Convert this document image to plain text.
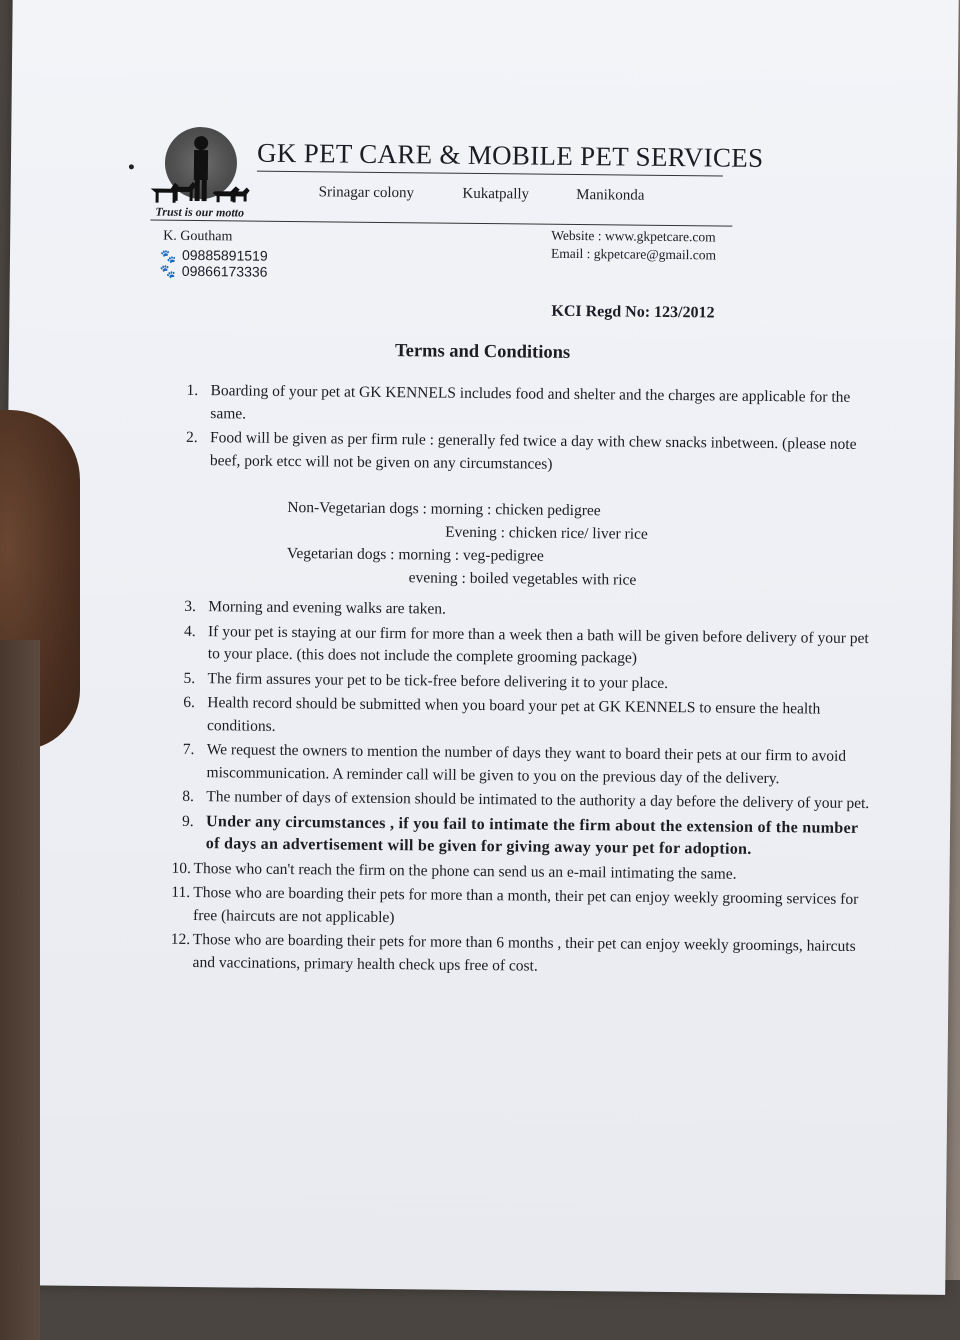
Trust is our motto
GK PET CARE & MOBILE PET SERVICES
Srinagar colony	Kukatpally	Manikonda
K. Goutham
🐾 09885891519
🐾 09866173336
Website : www.gkpetcare.com
Email : gkpetcare@gmail.com
KCI Regd No: 123/2012
Terms and Conditions
1. Boarding of your pet at GK KENNELS includes food and shelter and the charges are applicable for the same.
2. Food will be given as per firm rule : generally fed twice a day with chew snacks inbetween. (please note beef, pork etcc will not be given on any circumstances)
Non-Vegetarian dogs : morning : chicken pedigree
Evening : chicken rice/ liver rice
Vegetarian dogs : morning : veg-pedigree
evening : boiled vegetables with rice
3. Morning and evening walks are taken.
4. If your pet is staying at our firm for more than a week then a bath will be given before delivery of your pet to your place. (this does not include the complete grooming package)
5. The firm assures your pet to be tick-free before delivering it to your place.
6. Health record should be submitted when you board your pet at GK KENNELS to ensure the health conditions.
7. We request the owners to mention the number of days they want to board their pets at our firm to avoid miscommunication. A reminder call will be given to you on the previous day of the delivery.
8. The number of days of extension should be intimated to the authority a day before the delivery of your pet.
9. Under any circumstances , if you fail to intimate the firm about the extension of the number of days an advertisement will be given for giving away your pet for adoption.
10. Those who can't reach the firm on the phone can send us an e-mail intimating the same.
11. Those who are boarding their pets for more than a month, their pet can enjoy weekly grooming services for free (haircuts are not applicable)
12. Those who are boarding their pets for more than 6 months , their pet can enjoy weekly groomings, haircuts and vaccinations, primary health check ups free of cost.
